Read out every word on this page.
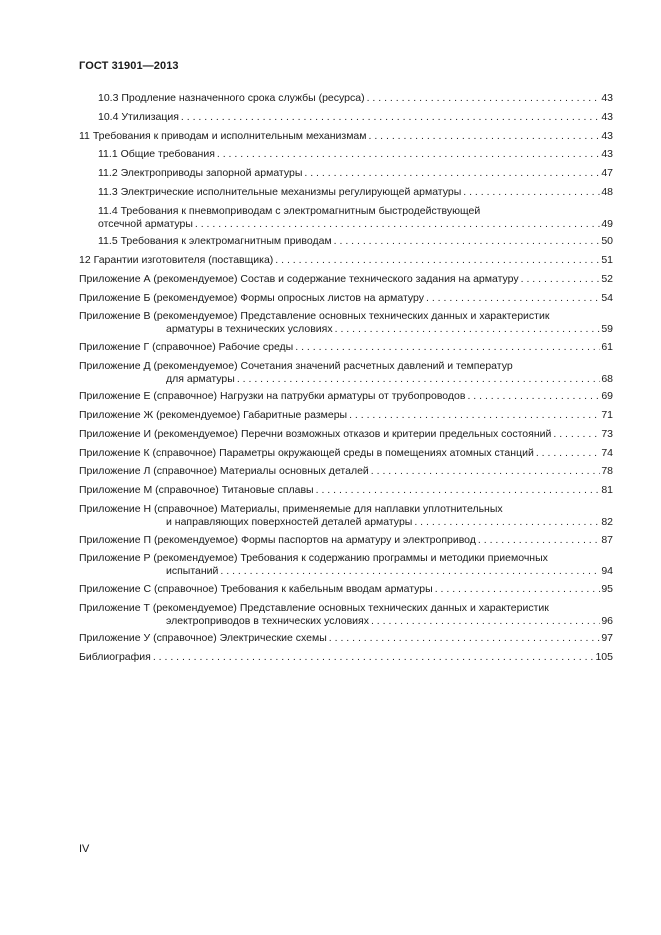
ГОСТ 31901—2013
10.3 Продление назначенного срока службы (ресурса) . . .	43
10.4 Утилизация . . .	43
11 Требования к приводам и исполнительным механизмам . . .	43
11.1 Общие требования . . .	43
11.2 Электроприводы запорной арматуры . . .	47
11.3 Электрические исполнительные механизмы регулирующей арматуры . . .	48
11.4 Требования к пневмоприводам с электромагнитным быстродействующей
отсечной арматуры . . .	49
11.5 Требования к электромагнитным приводам . . .	50
12 Гарантии изготовителя (поставщика) . . .	51
Приложение А (рекомендуемое) Состав и содержание технического задания на арматуру . . .	52
Приложение Б (рекомендуемое) Формы опросных листов на арматуру . . .	54
Приложение В (рекомендуемое) Представление основных технических данных и характеристик
арматуры в технических условиях . . .	59
Приложение Г (справочное) Рабочие среды . . .	61
Приложение Д (рекомендуемое) Сочетания значений расчетных давлений и температур
для арматуры . . .	68
Приложение Е (справочное) Нагрузки на патрубки арматуры от трубопроводов . . .	69
Приложение Ж (рекомендуемое) Габаритные размеры . . .	71
Приложение И (рекомендуемое) Перечни возможных отказов и критерии предельных состояний . . .	73
Приложение К (справочное) Параметры окружающей среды в помещениях атомных станций . . .	74
Приложение Л (справочное) Материалы основных деталей . . .	78
Приложение М (справочное) Титановые сплавы . . .	81
Приложение Н (справочное) Материалы, применяемые для наплавки уплотнительных
и направляющих поверхностей деталей арматуры . . .	82
Приложение П (рекомендуемое) Формы паспортов на арматуру и электропривод . . .	87
Приложение Р (рекомендуемое) Требования к содержанию программы и методики приемочных
испытаний . . .	94
Приложение С (справочное) Требования к кабельным вводам арматуры . . .	95
Приложение Т (рекомендуемое) Представление основных технических данных и характеристик
электроприводов в технических условиях . . .	96
Приложение У (справочное) Электрические схемы . . .	97
Библиография . . .	105
IV
